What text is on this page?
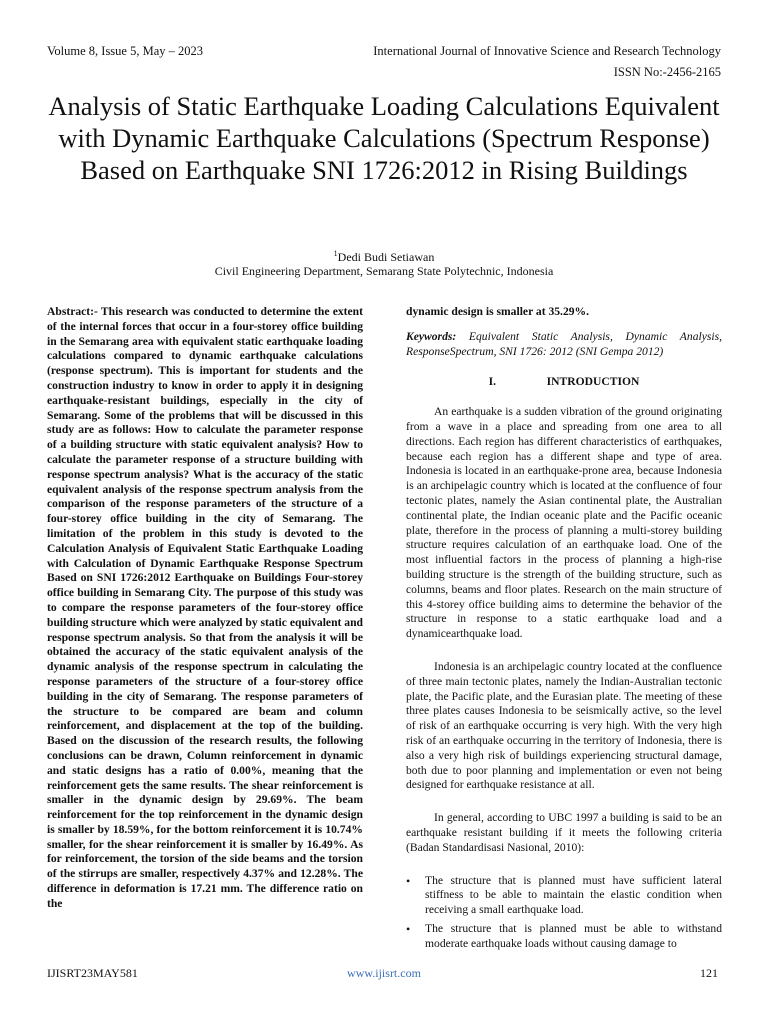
Volume 8, Issue 5, May – 2023	International Journal of Innovative Science and Research Technology
ISSN No:-2456-2165
Analysis of Static Earthquake Loading Calculations Equivalent with Dynamic Earthquake Calculations (Spectrum Response) Based on Earthquake SNI 1726:2012 in Rising Buildings
$^1$Dedi Budi Setiawan
Civil Engineering Department, Semarang State Polytechnic, Indonesia

Abstract:- This research was conducted to determine the extent of the internal forces that occur in a four-storey office building in the Semarang area with equivalent static earthquake loading calculations compared to dynamic earthquake calculations (response spectrum). This is important for students and the construction industry to know in order to apply it in designing earthquake-resistant buildings, especially in the city of Semarang. Some of the problems that will be discussed in this study are as follows: How to calculate the parameter response of a building structure with static equivalent analysis? How to calculate the parameter response of a structure building with response spectrum analysis? What is the accuracy of the static equivalent analysis of the response spectrum analysis from the comparison of the response parameters of the structure of a four-storey office building in the city of Semarang. The limitation of the problem in this study is devoted to the Calculation Analysis of Equivalent Static Earthquake Loading with Calculation of Dynamic Earthquake Response Spectrum Based on SNI 1726:2012 Earthquake on Buildings Four-storey office building in Semarang City. The purpose of this study was to compare the response parameters of the four-storey office building structure which were analyzed by static equivalent and response spectrum analysis. So that from the analysis it will be obtained the accuracy of the static equivalent analysis of the dynamic analysis of the response spectrum in calculating the response parameters of the structure of a four-storey office building in the city of Semarang. The response parameters of the structure to be compared are beam and column reinforcement, and displacement at the top of the building. Based on the discussion of the research results, the following conclusions can be drawn, Column reinforcement in dynamic and static designs has a ratio of 0.00%, meaning that the reinforcement gets the same results. The shear reinforcement is smaller in the dynamic design by 29.69%. The beam reinforcement for the top reinforcement in the dynamic design is smaller by 18.59%, for the bottom reinforcement it is 10.74% smaller, for the shear reinforcement it is smaller by 16.49%. As for reinforcement, the torsion of the side beams and the torsion of the stirrups are smaller, respectively 4.37% and 12.28%. The difference in deformation is 17.21 mm. The difference ratio on the

dynamic design is smaller at 35.29%.

Keywords: Equivalent Static Analysis, Dynamic Analysis, ResponseSpectrum, SNI 1726: 2012 (SNI Gempa 2012)

I.	INTRODUCTION

An earthquake is a sudden vibration of the ground originating from a wave in a place and spreading from one area to all directions. Each region has different characteristics of earthquakes, because each region has a different shape and type of area. Indonesia is located in an earthquake-prone area, because Indonesia is an archipelagic country which is located at the confluence of four tectonic plates, namely the Asian continental plate, the Australian continental plate, the Indian oceanic plate and the Pacific oceanic plate, therefore in the process of planning a multi-storey building structure requires calculation of an earthquake load. One of the most influential factors in the process of planning a high-rise building structure is the strength of the building structure, such as columns, beams and floor plates. Research on the main structure of this 4-storey office building aims to determine the behavior of the structure in response to a static earthquake load and a dynamicearthquake load.

Indonesia is an archipelagic country located at the confluence of three main tectonic plates, namely the Indian-Australian tectonic plate, the Pacific plate, and the Eurasian plate. The meeting of these three plates causes Indonesia to be seismically active, so the level of risk of an earthquake occurring is very high. With the very high risk of an earthquake occurring in the territory of Indonesia, there is also a very high risk of buildings experiencing structural damage, both due to poor planning and implementation or even not being designed for earthquake resistance at all.

In general, according to UBC 1997 a building is said to be an earthquake resistant building if it meets the following criteria (Badan Standardisasi Nasional, 2010):

• The structure that is planned must have sufficient lateral stiffness to be able to maintain the elastic condition when receiving a small earthquake load.
• The structure that is planned must be able to withstand moderate earthquake loads without causing damage to
IJISRT23MAY581	www.ijisrt.com	121
